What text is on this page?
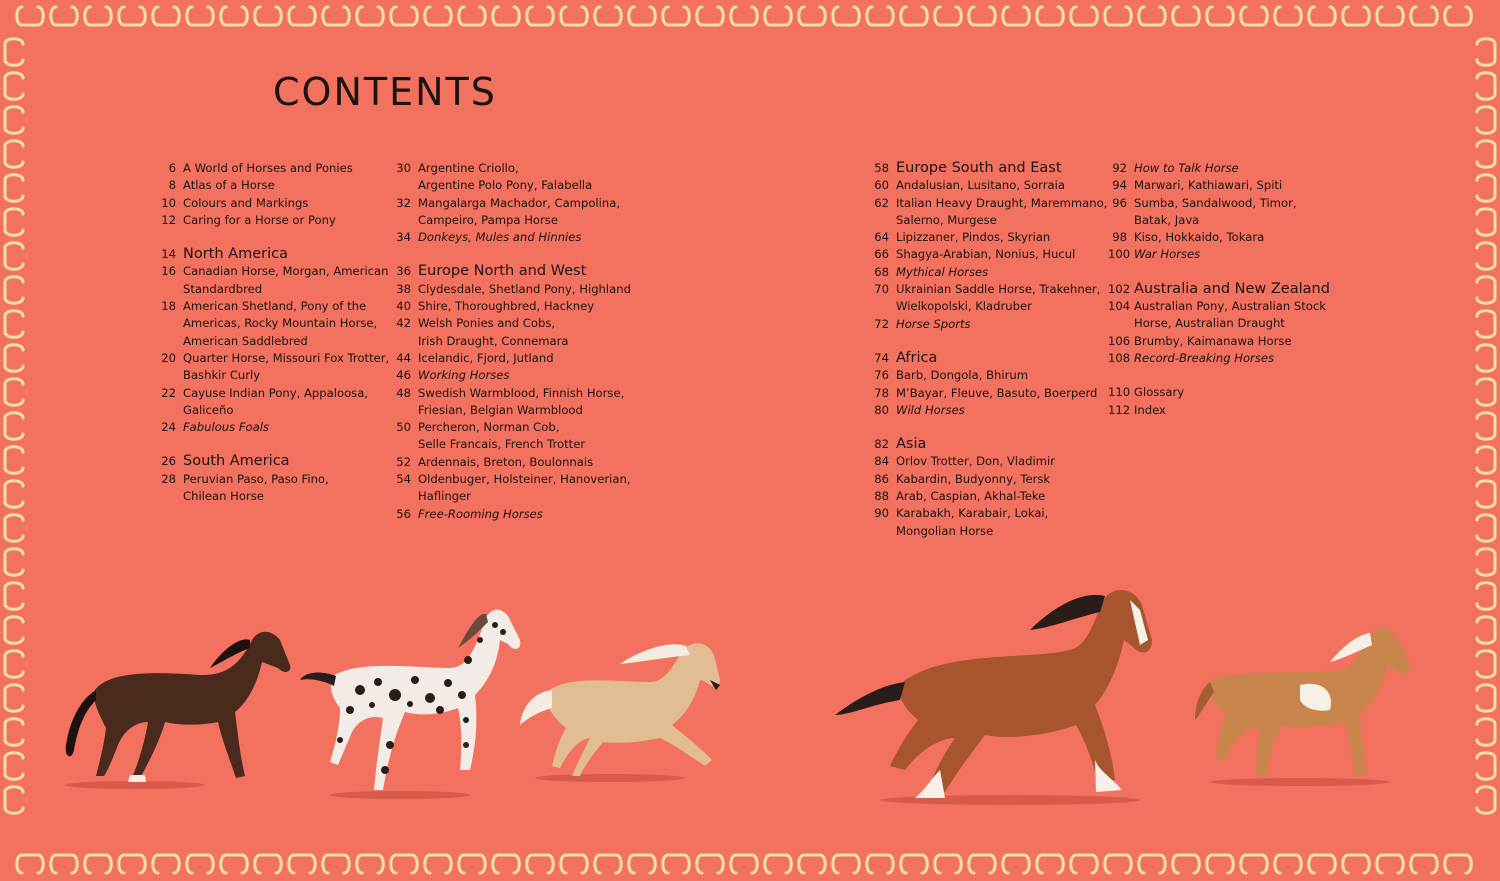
CONTENTS
6 A World of Horses and Ponies
8 Atlas of a Horse
10 Colours and Markings
12 Caring for a Horse or Pony
14 North America
16 Canadian Horse, Morgan, American
Standardbred
18 American Shetland, Pony of the
Americas, Rocky Mountain Horse,
American Saddlebred
20 Quarter Horse, Missouri Fox Trotter,
Bashkir Curly
22 Cayuse Indian Pony, Appaloosa,
Galiceño
24 Fabulous Foals
26 South America
28 Peruvian Paso, Paso Fino,
Chilean Horse
30 Argentine Criollo,
Argentine Polo Pony, Falabella
32 Mangalarga Machador, Campolina,
Campeiro, Pampa Horse
34 Donkeys, Mules and Hinnies
36 Europe North and West
38 Clydesdale, Shetland Pony, Highland
40 Shire, Thoroughbred, Hackney
42 Welsh Ponies and Cobs,
Irish Draught, Connemara
44 Icelandic, Fjord, Jutland
46 Working Horses
48 Swedish Warmblood, Finnish Horse,
Friesian, Belgian Warmblood
50 Percheron, Norman Cob,
Selle Francais, French Trotter
52 Ardennais, Breton, Boulonnais
54 Oldenbuger, Holsteiner, Hanoverian,
Haflinger
56 Free-Rooming Horses
58 Europe South and East
60 Andalusian, Lusitano, Sorraia
62 Italian Heavy Draught, Maremmano,
Salerno, Murgese
64 Lipizzaner, Pindos, Skyrian
66 Shagya-Arabian, Nonius, Hucul
68 Mythical Horses
70 Ukrainian Saddle Horse, Trakehner,
Wielkopolski, Kladruber
72 Horse Sports
74 Africa
76 Barb, Dongola, Bhirum
78 M’Bayar, Fleuve, Basuto, Boerperd
80 Wild Horses
82 Asia
84 Orlov Trotter, Don, Vladimir
86 Kabardin, Budyonny, Tersk
88 Arab, Caspian, Akhal-Teke
90 Karabakh, Karabair, Lokai,
Mongolian Horse
92 How to Talk Horse
94 Marwari, Kathiawari, Spiti
96 Sumba, Sandalwood, Timor,
Batak, Java
98 Kiso, Hokkaido, Tokara
100 War Horses
102 Australia and New Zealand
104 Australian Pony, Australian Stock
Horse, Australian Draught
106 Brumby, Kaimanawa Horse
108 Record-Breaking Horses
110 Glossary
112 Index
